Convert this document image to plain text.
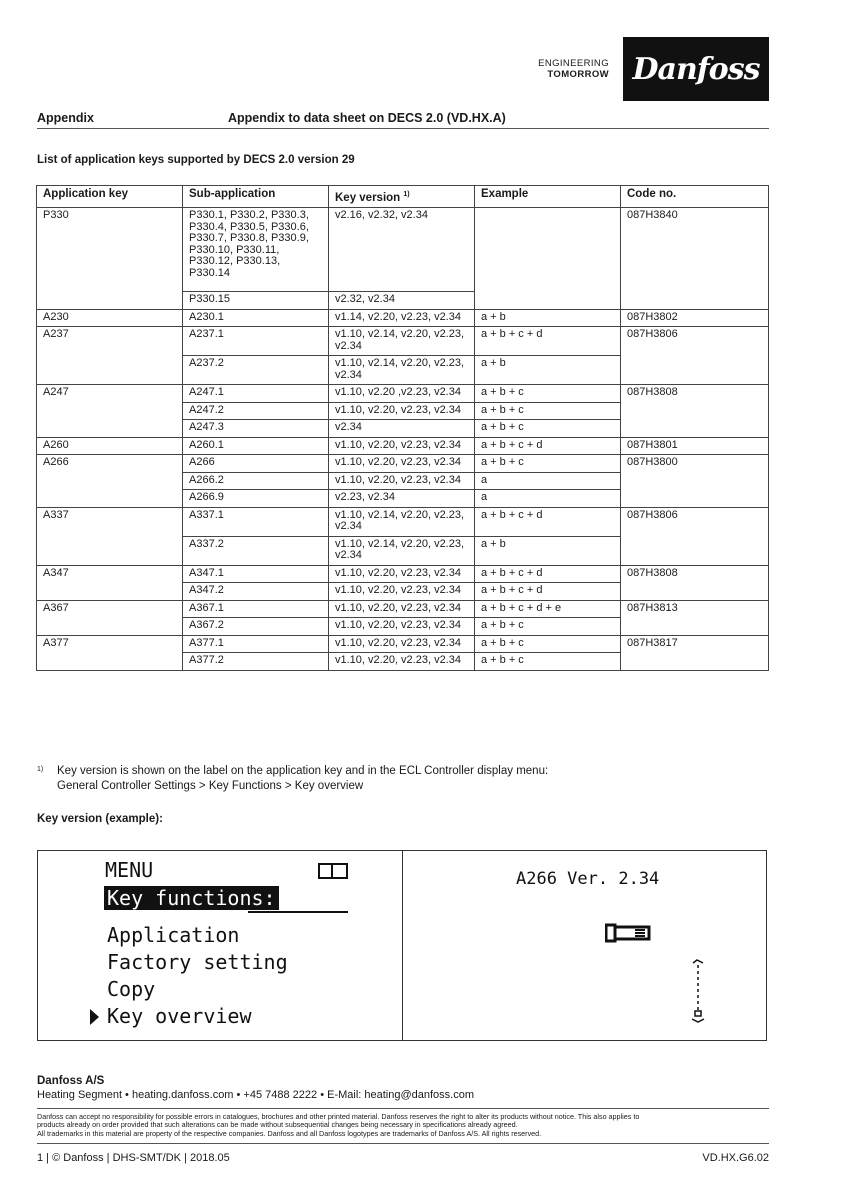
ENGINEERING
TOMORROW Danfoss
Appendix	Appendix to data sheet on DECS 2.0 (VD.HX.A)
List of application keys supported by DECS 2.0 version 29
Application key	Sub-application	Key version $^{1)}$	Example	Code no.
P330	P330.1, P330.2, P330.3, P330.4, P330.5, P330.6, P330.7, P330.8, P330.9, P330.10, P330.11, P330.12, P330.13, P330.14	v2.16, v2.32, v2.34		087H3840
	P330.15	v2.32, v2.34		
A230	A230.1	v1.14, v2.20, v2.23, v2.34	a + b	087H3802
A237	A237.1	v1.10, v2.14, v2.20, v2.23, v2.34	a + b + c + d	087H3806
	A237.2	v1.10, v2.14, v2.20, v2.23, v2.34	a + b	
A247	A247.1	v1.10, v2.20 ,v2.23, v2.34	a + b + c	087H3808
	A247.2	v1.10, v2.20, v2.23, v2.34	a + b + c	
	A247.3	v2.34	a + b + c	
A260	A260.1	v1.10, v2.20, v2.23, v2.34	a + b + c + d	087H3801
A266	A266	v1.10, v2.20, v2.23, v2.34	a + b + c	087H3800
	A266.2	v1.10, v2.20, v2.23, v2.34	a	
	A266.9	v2.23, v2.34	a	
A337	A337.1	v1.10, v2.14, v2.20, v2.23, v2.34	a + b + c + d	087H3806
	A337.2	v1.10, v2.14, v2.20, v2.23, v2.34	a + b	
A347	A347.1	v1.10, v2.20, v2.23, v2.34	a + b + c + d	087H3808
	A347.2	v1.10, v2.20, v2.23, v2.34	a + b + c + d	
A367	A367.1	v1.10, v2.20, v2.23, v2.34	a + b + c + d + e	087H3813
	A367.2	v1.10, v2.20, v2.23, v2.34	a + b + c	
A377	A377.1	v1.10, v2.20, v2.23, v2.34	a + b + c	087H3817
	A377.2	v1.10, v2.20, v2.23, v2.34	a + b + c	
1) Key version is shown on the label on the application key and in the ECL Controller display menu:
General Controller Settings > Key Functions > Key overview
Key version (example):
MENU
Key functions:
Application
Factory setting
Copy
Key overview
A266 Ver. 2.34
Danfoss A/S
Heating Segment • heating.danfoss.com • +45 7488 2222 • E-Mail: heating@danfoss.com
Danfoss can accept no responsibility for possible errors in catalogues, brochures and other printed material. Danfoss reserves the right to alter its products without notice. This also applies to
products already on order provided that such alterations can be made without subsequential changes being necessary in specifications already agreed.
All trademarks in this material are property of the respective companies. Danfoss and all Danfoss logotypes are trademarks of Danfoss A/S. All rights reserved.
1 | © Danfoss | DHS-SMT/DK | 2018.05	VD.HX.G6.02
